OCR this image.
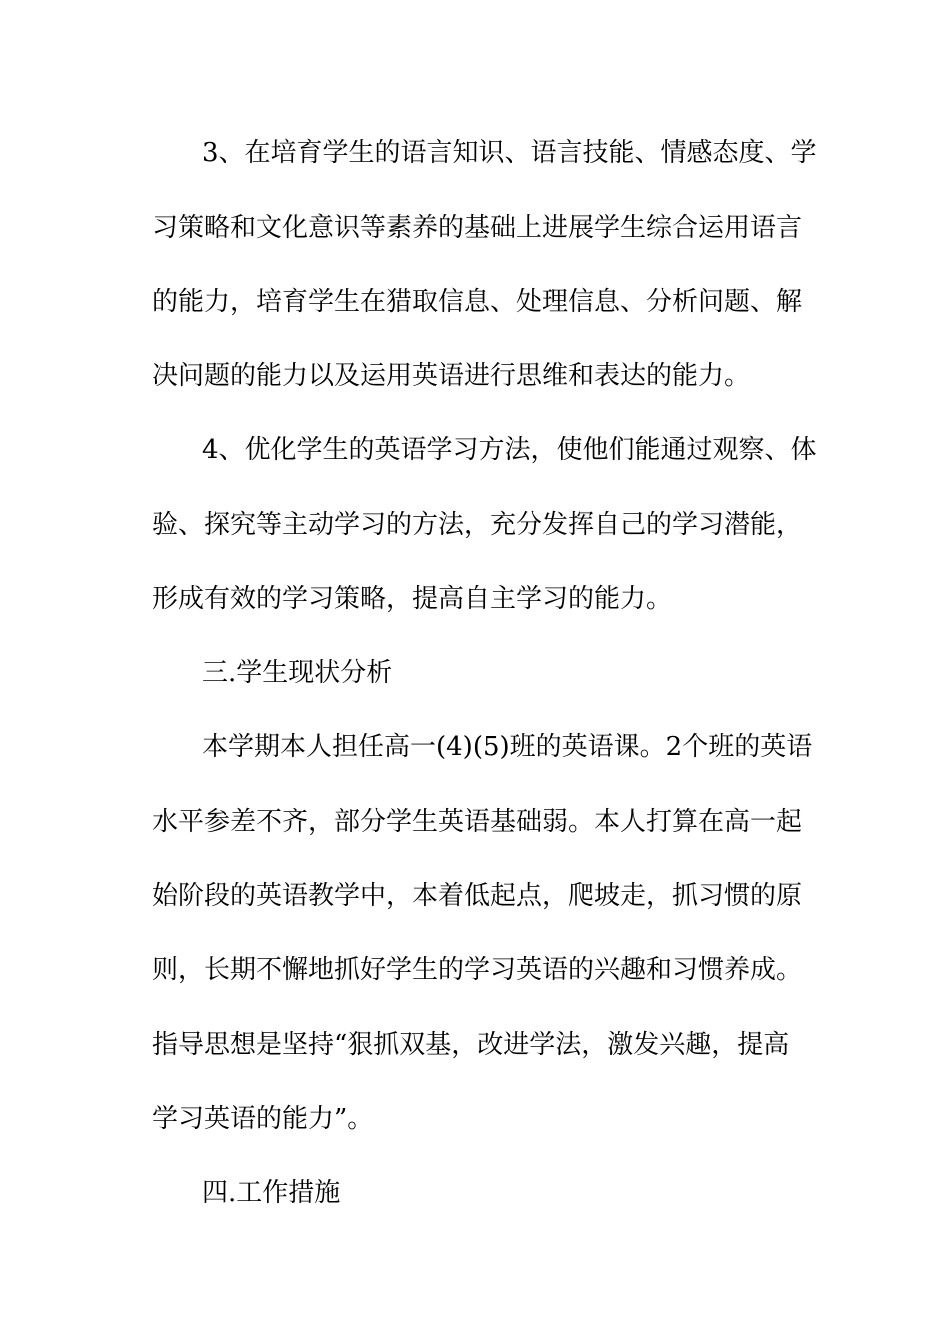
3、在培育学生的语言知识、语言技能、情感态度、学
习策略和文化意识等素养的基础上进展学生综合运用语言
的能力，培育学生在猎取信息、处理信息、分析问题、解
决问题的能力以及运用英语进行思维和表达的能力。
4、优化学生的英语学习方法，使他们能通过观察、体
验、探究等主动学习的方法，充分发挥自己的学习潜能，
形成有效的学习策略，提高自主学习的能力。
三.学生现状分析
本学期本人担任高一(4)(5)班的英语课。2个班的英语
水平参差不齐，部分学生英语基础弱。本人打算在高一起
始阶段的英语教学中，本着低起点，爬坡走，抓习惯的原
则，长期不懈地抓好学生的学习英语的兴趣和习惯养成。
指导思想是坚持“狠抓双基，改进学法，激发兴趣，提高
学习英语的能力”。
四.工作措施
